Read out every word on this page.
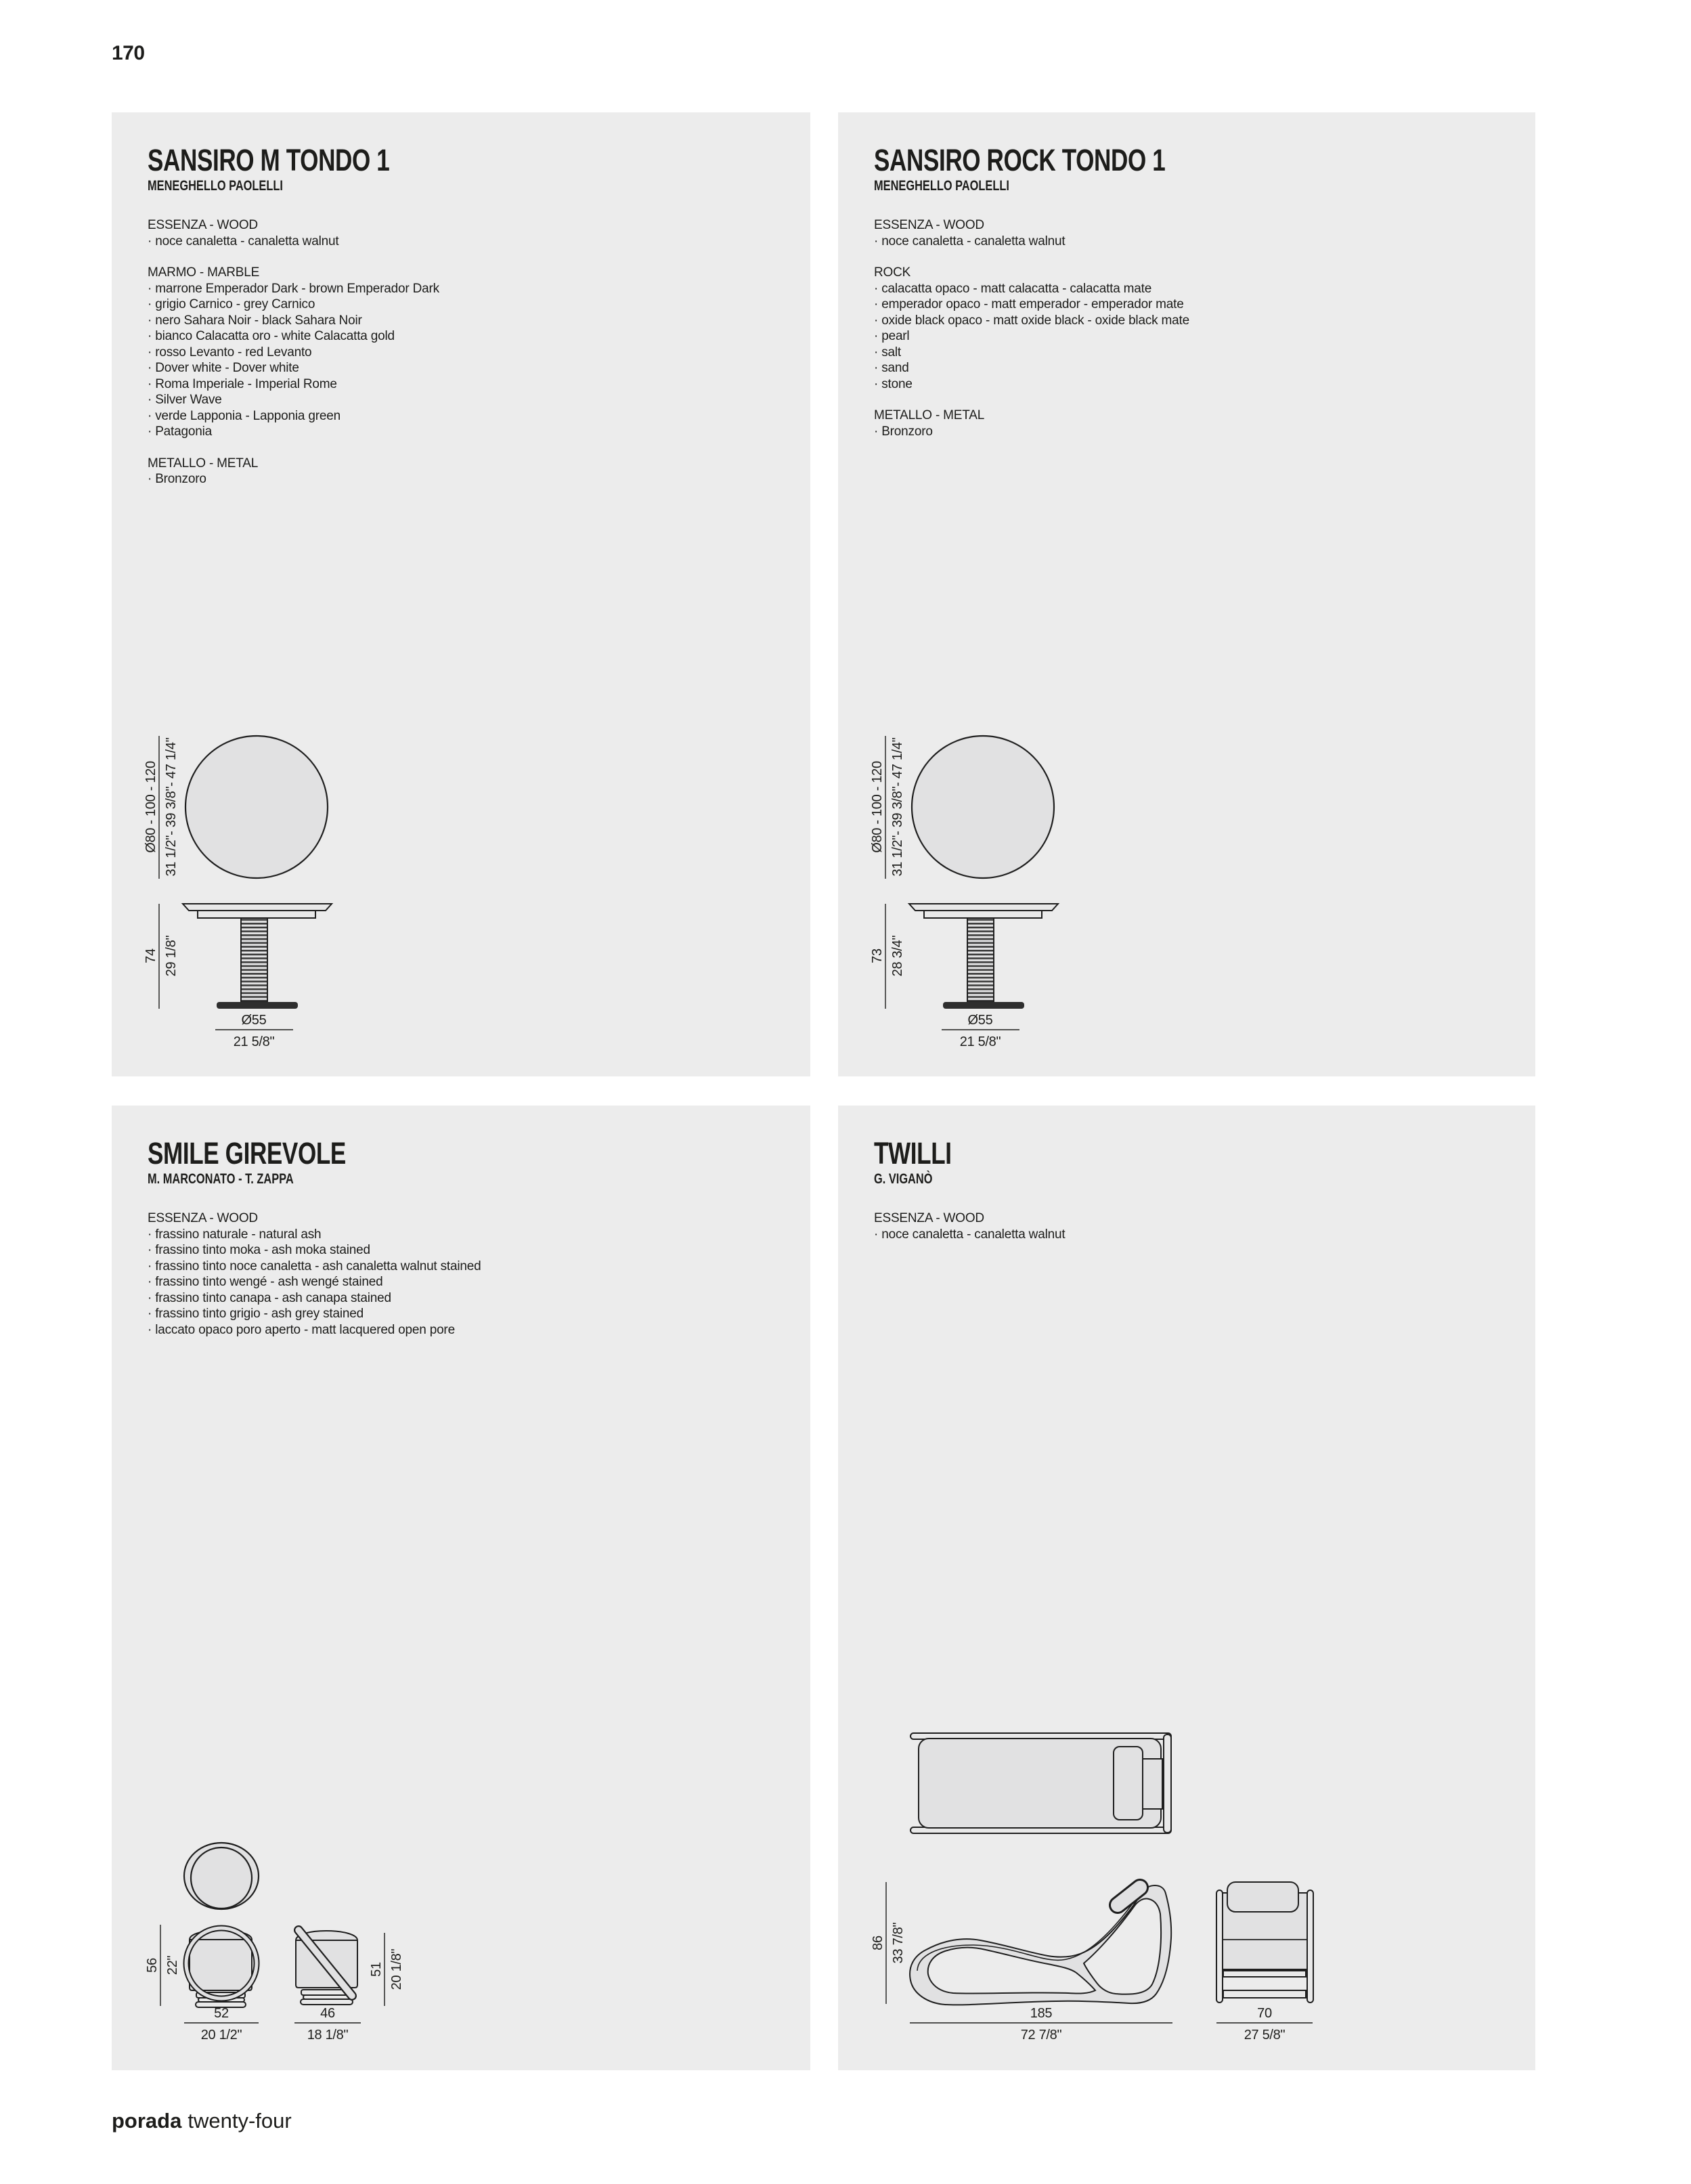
170
Ø80 - 100 - 120 31 1/2"- 39 3/8"- 47 1/4"
74 29 1/8"
Ø55
21 5/8"
SANSIRO M TONDO 1

MENEGHELLO PAOLELLI

ESSENZA - WOOD

· noce canaletta - canaletta walnut

MARMO - MARBLE

· marrone Emperador Dark - brown Emperador Dark

· grigio Carnico - grey Carnico

· nero Sahara Noir - black Sahara Noir

· bianco Calacatta oro - white Calacatta gold

· rosso Levanto - red Levanto

· Dover white - Dover white

· Roma Imperiale - Imperial Rome

· Silver Wave

· verde Lapponia - Lapponia green

· Patagonia

METALLO - METAL

· Bronzoro

Ø80 - 100 - 120 31 1/2"- 39 3/8"- 47 1/4"
73 28 3/4"
Ø55
21 5/8"
SANSIRO ROCK TONDO 1

MENEGHELLO PAOLELLI

ESSENZA - WOOD

· noce canaletta - canaletta walnut

ROCK

· calacatta opaco - matt calacatta - calacatta mate

· emperador opaco - matt emperador - emperador mate

· oxide black opaco - matt oxide black - oxide black mate

· pearl

· salt

· sand

· stone

METALLO - METAL

· Bronzoro

56 22"
52
20 1/2"
46
18 1/8"
51 20 1/8"
SMILE GIREVOLE

M. MARCONATO - T. ZAPPA

ESSENZA - WOOD

· frassino naturale - natural ash

· frassino tinto moka - ash moka stained

· frassino tinto noce canaletta - ash canaletta walnut stained

· frassino tinto wengé - ash wengé stained

· frassino tinto canapa - ash canapa stained

· frassino tinto grigio - ash grey stained

· laccato opaco poro aperto - matt lacquered open pore

86 33 7/8"
185
72 7/8"
70
27 5/8"
TWILLI

G. VIGANÒ

ESSENZA - WOOD

· noce canaletta - canaletta walnut

porada twenty-four
